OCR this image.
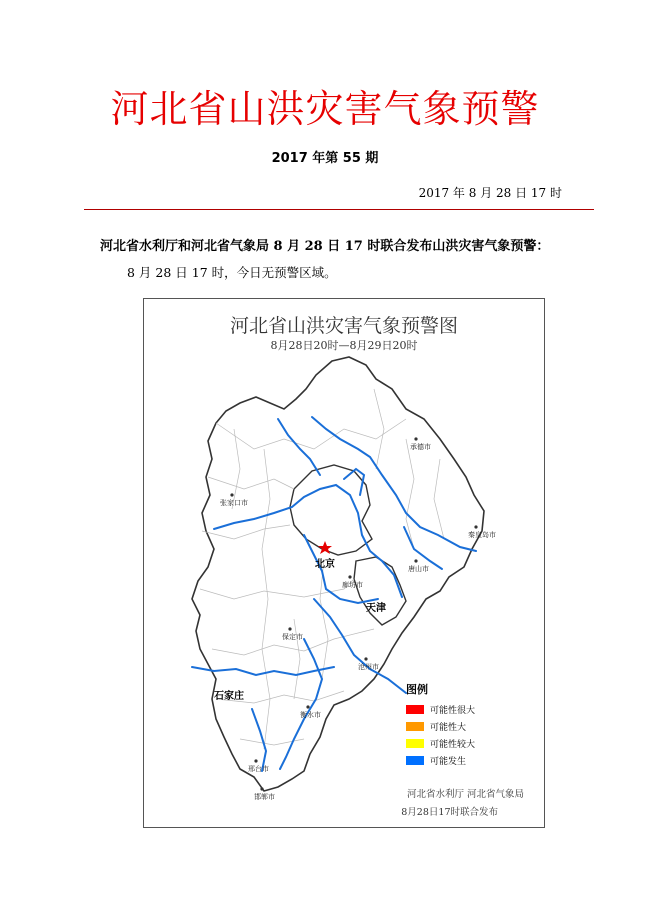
河北省山洪灾害气象预警
2017 年第 55 期
2017 年 8 月 28 日 17 时
河北省水利厅和河北省气象局 8 月 28 日 17 时联合发布山洪灾害气象预警：
8 月 28 日 17 时，今日无预警区域。
河北省山洪灾害气象预警图
8月28日20时—8月29日20时
承德市
张家口市
秦皇岛市
北京
廊坊市
唐山市
天津
保定市
沧州市
石家庄
衡水市
邢台市
邯郸市
图例
可能性很大
可能性大
可能性较大
可能发生
河北省水利厅 河北省气象局
8月28日17时联合发布
